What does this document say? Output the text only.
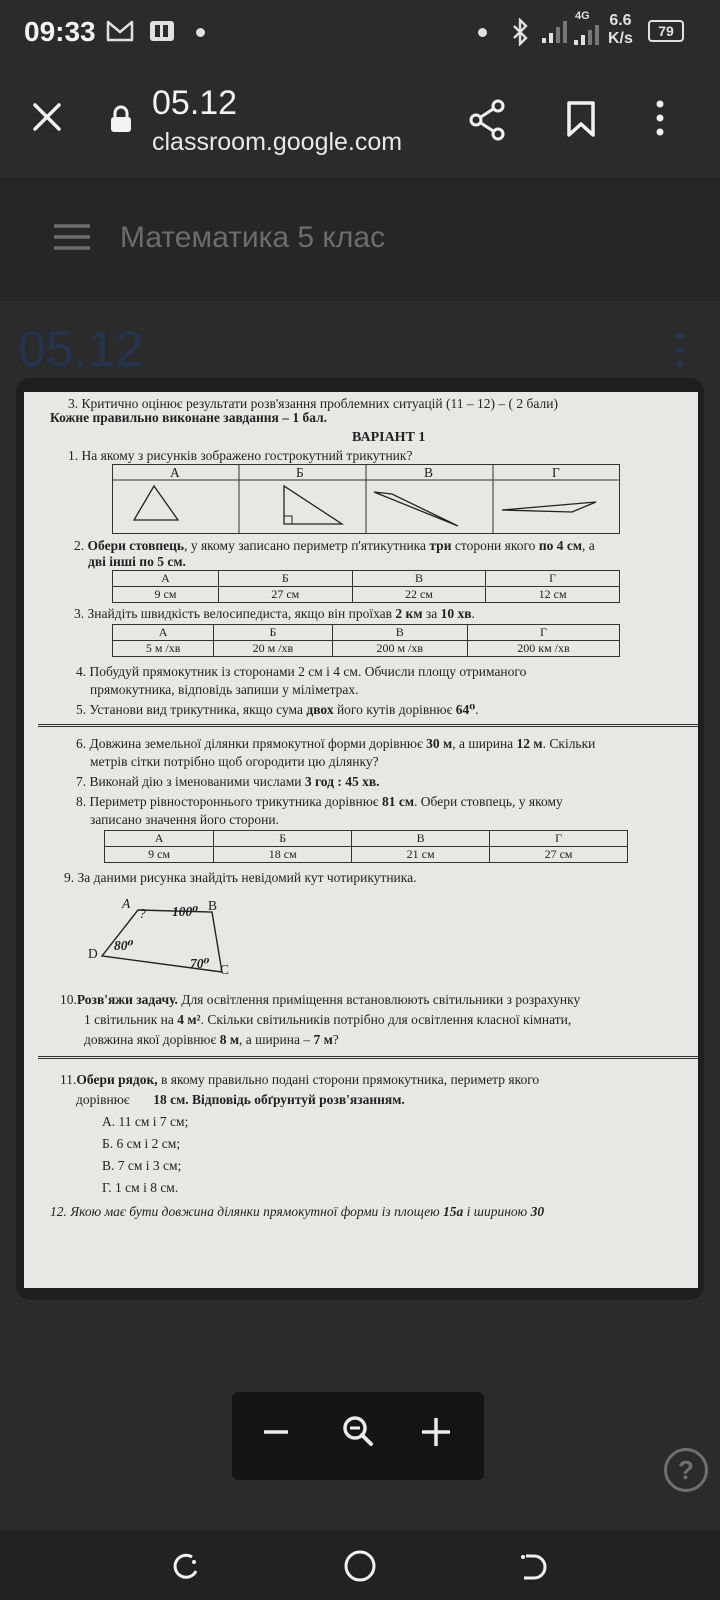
09:33	4G 6.6
K/s	79
05.12
classroom.google.com
Математика 5 клас
05.12
3. Критично оцінює результати розв'язання проблемних ситуацій (11 – 12) – ( 2 бали)
Кожне правильно виконане завдання – 1 бал.
ВАРІАНТ 1
1. На якому з рисунків зображено гострокутний трикутник?
А	Б	В	Г
2. Обери стовпець, у якому записано периметр п'ятикутника три сторони якого по 4 см, а
дві інші по 5 см.
А	Б	В	Г
9 см	27 см	22 см	12 см
3. Знайдіть швидкість велосипедиста, якщо він проїхав 2 км за 10 хв.
А	Б	В	Г
5 м /хв	20 м /хв	200 м /хв	200 км /хв
4. Побудуй прямокутник із сторонами 2 см і 4 см. Обчисли площу отриманого
прямокутника, відповідь запиши у міліметрах.
5. Установи вид трикутника, якщо сума двох його кутів дорівнює 64⁰.
6. Довжина земельної ділянки прямокутної форми дорівнює 30 м, а ширина 12 м. Скільки
метрів сітки потрібно щоб огородити цю ділянку?
7. Виконай дію з іменованими числами 3 год : 45 хв.
8. Периметр рівностороннього трикутника дорівнює 81 см. Обери стовпець, у якому
записано значення його сторони.
А	Б	В	Г
9 см	18 см	21 см	27 см
9. За даними рисунка знайдіть невідомий кут чотирикутника.
A
? 100⁰ B
D
80⁰
70⁰ C
10.Розв'яжи задачу. Для освітлення приміщення встановлюють світильники з розрахунку
1 світильник на 4 м². Скільки світильників потрібно для освітлення класної кімнати,
довжина якої дорівнює 8 м, а ширина – 7 м?
11.Обери рядок, в якому правильно подані сторони прямокутника, периметр якого
дорівнює 18 см. Відповідь обґрунтуй розв'язанням.
А. 11 см і 7 см;
Б. 6 см і 2 см;
В. 7 см і 3 см;
Г. 1 см і 8 см.
12. Якою має бути довжина ділянки прямокутної форми із площею 15а і шириною 30
?
